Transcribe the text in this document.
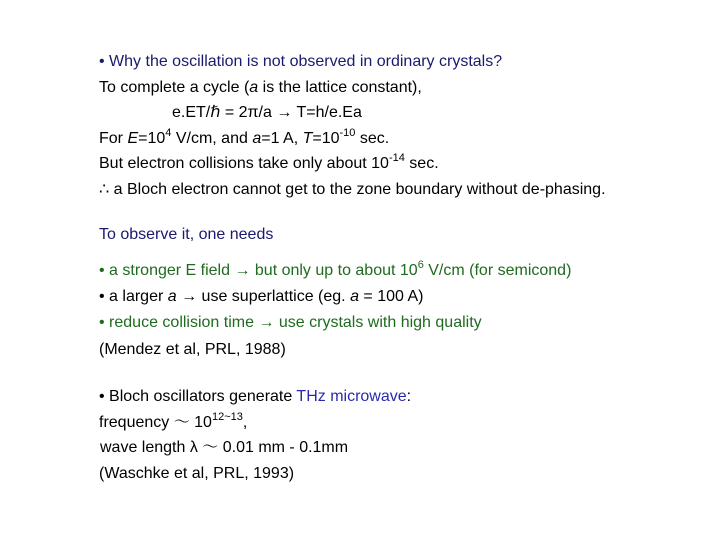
• Why the oscillation is not observed in ordinary crystals?
To complete a cycle (a is the lattice constant),
e.ET/ℏ = 2π/a → T=h/e.Ea
For $E=10^4$ V/cm, and a=1 A, $T=10^{-10}$ sec.
But electron collisions take only about $10^{-14}$ sec.
∴ a Bloch electron cannot get to the zone boundary without de-phasing.
To observe it, one needs
• a stronger E field → but only up to about $10^6$ V/cm (for semicond)
• a larger a → use superlattice (eg. a = 100 A)
• reduce collision time → use crystals with high quality
(Mendez et al, PRL, 1988)
• Bloch oscillators generate THz microwave:
frequency ～ $10^{12\sim 13}$,
wave length λ ～ 0.01 mm - 0.1mm
(Waschke et al, PRL, 1993)
